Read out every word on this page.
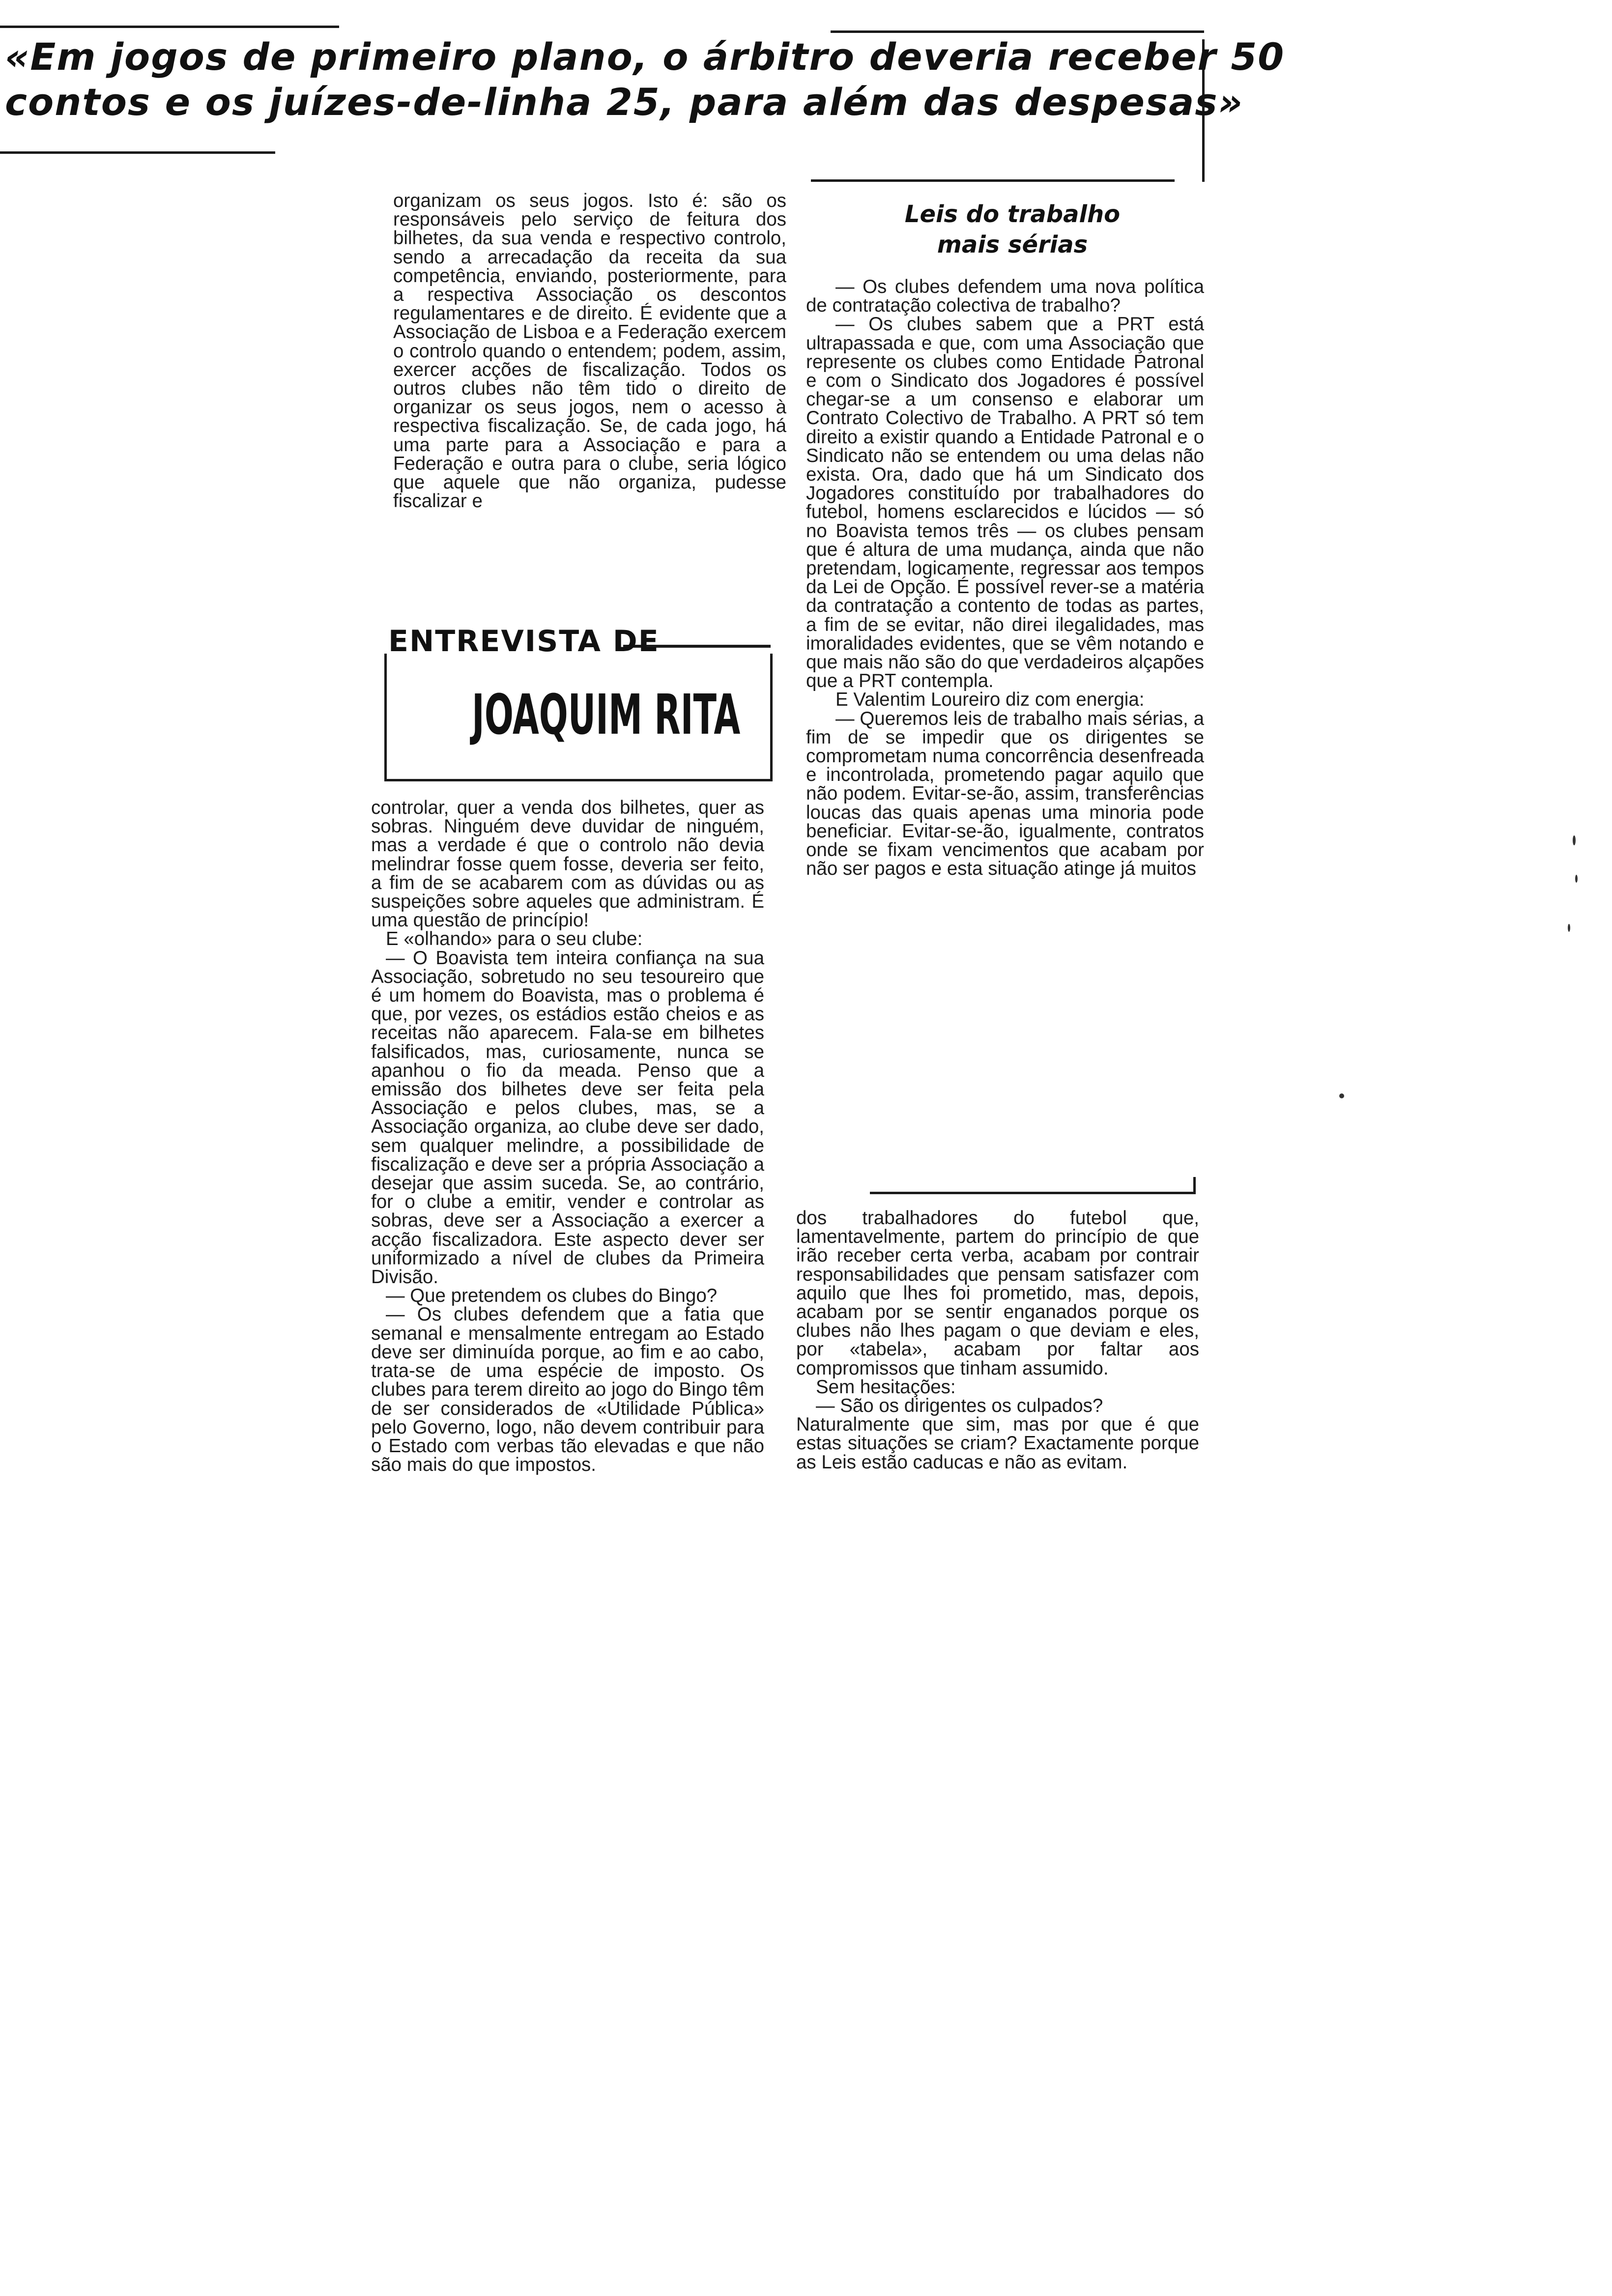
«Em jogos de primeiro plano, o árbitro deveria receber 50
contos e os juízes-de-linha 25, para além das despesas»

organizam os seus jogos. Isto é: são os responsáveis pelo serviço de feitura dos bilhetes, da sua venda e respectivo controlo, sendo a arrecadação da receita da sua competência, enviando, posteriormente, para a respectiva Associação os descontos regulamentares e de direito. É evidente que a Associação de Lisboa e a Federação exercem o controlo quando o entendem; podem, assim, exercer acções de fiscalização. Todos os outros clubes não têm tido o direito de organizar os seus jogos, nem o acesso à respectiva fiscalização. Se, de cada jogo, há uma parte para a Associação e para a Federação e outra para o clube, seria lógico que aquele que não organiza, pudesse fiscalizar e

ENTREVISTA DE
JOAQUIM RITA

controlar, quer a venda dos bilhetes, quer as sobras. Ninguém deve duvidar de ninguém, mas a verdade é que o controlo não devia melindrar fosse quem fosse, deveria ser feito, a fim de se acabarem com as dúvidas ou as suspeições sobre aqueles que administram. É uma questão de princípio!

E «olhando» para o seu clube:

— O Boavista tem inteira confiança na sua Associação, sobretudo no seu tesoureiro que é um homem do Boavista, mas o problema é que, por vezes, os estádios estão cheios e as receitas não aparecem. Fala-se em bilhetes falsificados, mas, curiosamente, nunca se apanhou o fio da meada. Penso que a emissão dos bilhetes deve ser feita pela Associação e pelos clubes, mas, se a Associação organiza, ao clube deve ser dado, sem qualquer melindre, a possibilidade de fiscalização e deve ser a própria Associação a desejar que assim suceda. Se, ao contrário, for o clube a emitir, vender e controlar as sobras, deve ser a Associação a exercer a acção fiscalizadora. Este aspecto dever ser uniformizado a nível de clubes da Primeira Divisão.

— Que pretendem os clubes do Bingo?

— Os clubes defendem que a fatia que semanal e mensalmente entregam ao Estado deve ser diminuída porque, ao fim e ao cabo, trata-se de uma espécie de imposto. Os clubes para terem direito ao jogo do Bingo têm de ser considerados de «Utilidade Pública» pelo Governo, logo, não devem contribuir para o Estado com verbas tão elevadas e que não são mais do que impostos.

Leis do trabalho
mais sérias

— Os clubes defendem uma nova política de contratação colectiva de trabalho?

— Os clubes sabem que a PRT está ultrapassada e que, com uma Associação que represente os clubes como Entidade Patronal e com o Sindicato dos Jogadores é possível chegar-se a um consenso e elaborar um Contrato Colectivo de Trabalho. A PRT só tem direito a existir quando a Entidade Patronal e o Sindicato não se entendem ou uma delas não exista. Ora, dado que há um Sindicato dos Jogadores constituído por trabalhadores do futebol, homens esclarecidos e lúcidos — só no Boavista temos três — os clubes pensam que é altura de uma mudança, ainda que não pretendam, logicamente, regressar aos tempos da Lei de Opção. É possível rever-se a matéria da contratação a contento de todas as partes, a fim de se evitar, não direi ilegalidades, mas imoralidades evidentes, que se vêm notando e que mais não são do que verdadeiros alçapões que a PRT contempla.

E Valentim Loureiro diz com energia:

— Queremos leis de trabalho mais sérias, a fim de se impedir que os dirigentes se comprometam numa concorrência desenfreada e incontrolada, prometendo pagar aquilo que não podem. Evitar-se-ão, assim, transferências loucas das quais apenas uma minoria pode beneficiar. Evitar-se-ão, igualmente, contratos onde se fixam vencimentos que acabam por não ser pagos e esta situação atinge já muitos

dos trabalhadores do futebol que, lamentavelmente, partem do princípio de que irão receber certa verba, acabam por contrair responsabilidades que pensam satisfazer com aquilo que lhes foi prometido, mas, depois, acabam por se sentir enganados porque os clubes não lhes pagam o que deviam e eles, por «tabela», acabam por faltar aos compromissos que tinham assumido.

Sem hesitações:

— São os dirigentes os culpados?

Naturalmente que sim, mas por que é que estas situações se criam? Exactamente porque as Leis estão caducas e não as evitam.
